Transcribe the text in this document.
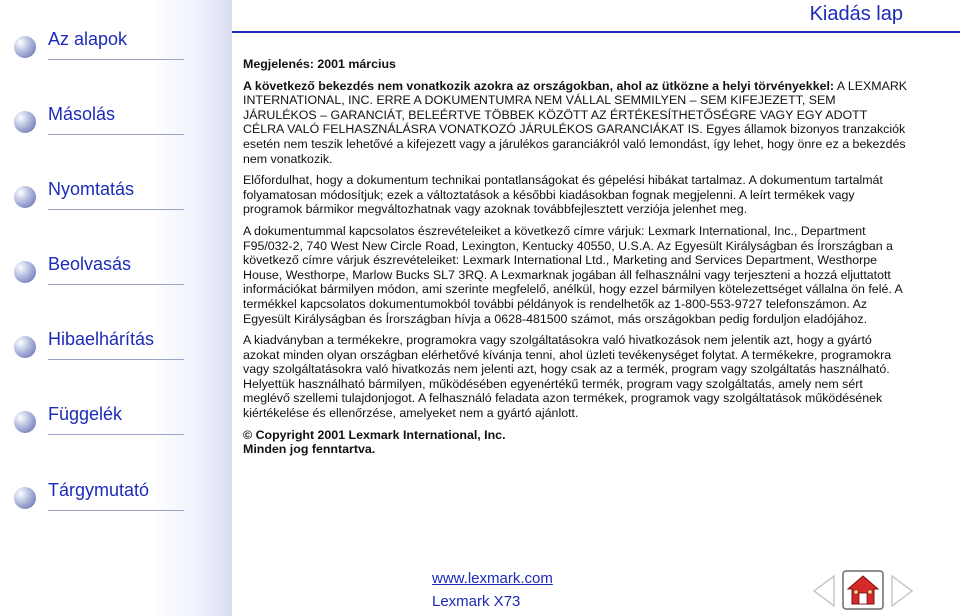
Az alapok
Másolás
Nyomtatás
Beolvasás
Hibaelhárítás
Függelék
Tárgymutató
Kiadás lap

Megjelenés: 2001 március

A következő bekezdés nem vonatkozik azokra az országokban, ahol az ütközne a helyi törvényekkel: A LEXMARK INTERNATIONAL, INC. ERRE A DOKUMENTUMRA NEM VÁLLAL SEMMILYEN – SEM KIFEJEZETT, SEM JÁRULÉKOS – GARANCIÁT, BELEÉRTVE TÖBBEK KÖZÖTT AZ ÉRTÉKESÍTHETŐSÉGRE VAGY EGY ADOTT CÉLRA VALÓ FELHASZNÁLÁSRA VONATKOZÓ JÁRULÉKOS GARANCIÁKAT IS. Egyes államok bizonyos tranzakciók esetén nem teszik lehetővé a kifejezett vagy a járulékos garanciákról való lemondást, így lehet, hogy önre ez a bekezdés nem vonatkozik.

Előfordulhat, hogy a dokumentum technikai pontatlanságokat és gépelési hibákat tartalmaz. A dokumentum tartalmát folyamatosan módosítjuk; ezek a változtatások a későbbi kiadásokban fognak megjelenni. A leírt termékek vagy programok bármikor megváltozhatnak vagy azoknak továbbfejlesztett verziója jelenhet meg.

A dokumentummal kapcsolatos észrevételeiket a következő címre várjuk: Lexmark International, Inc., Department F95/032-2, 740 West New Circle Road, Lexington, Kentucky 40550, U.S.A. Az Egyesült Királyságban és Írországban a következő címre várjuk észrevételeiket: Lexmark International Ltd., Marketing and Services Department, Westhorpe House, Westhorpe, Marlow Bucks SL7 3RQ. A Lexmarknak jogában áll felhasználni vagy terjeszteni a hozzá eljuttatott információkat bármilyen módon, ami szerinte megfelelő, anélkül, hogy ezzel bármilyen kötelezettséget vállalna ön felé. A termékkel kapcsolatos dokumentumokból további példányok is rendelhetők az 1-800-553-9727 telefonszámon. Az Egyesült Királyságban és Írországban hívja a 0628-481500 számot, más országokban pedig forduljon eladójához.

A kiadványban a termékekre, programokra vagy szolgáltatásokra való hivatkozások nem jelentik azt, hogy a gyártó azokat minden olyan országban elérhetővé kívánja tenni, ahol üzleti tevékenységet folytat. A termékekre, programokra vagy szolgáltatásokra való hivatkozás nem jelenti azt, hogy csak az a termék, program vagy szolgáltatás használható. Helyettük használható bármilyen, működésében egyenértékű termék, program vagy szolgáltatás, amely nem sért meglévő szellemi tulajdonjogot. A felhasználó feladata azon termékek, programok vagy szolgáltatások működésének kiértékelése és ellenőrzése, amelyeket nem a gyártó ajánlott.

© Copyright 2001 Lexmark International, Inc.
Minden jog fenntartva.

www.lexmark.com
Lexmark X73
